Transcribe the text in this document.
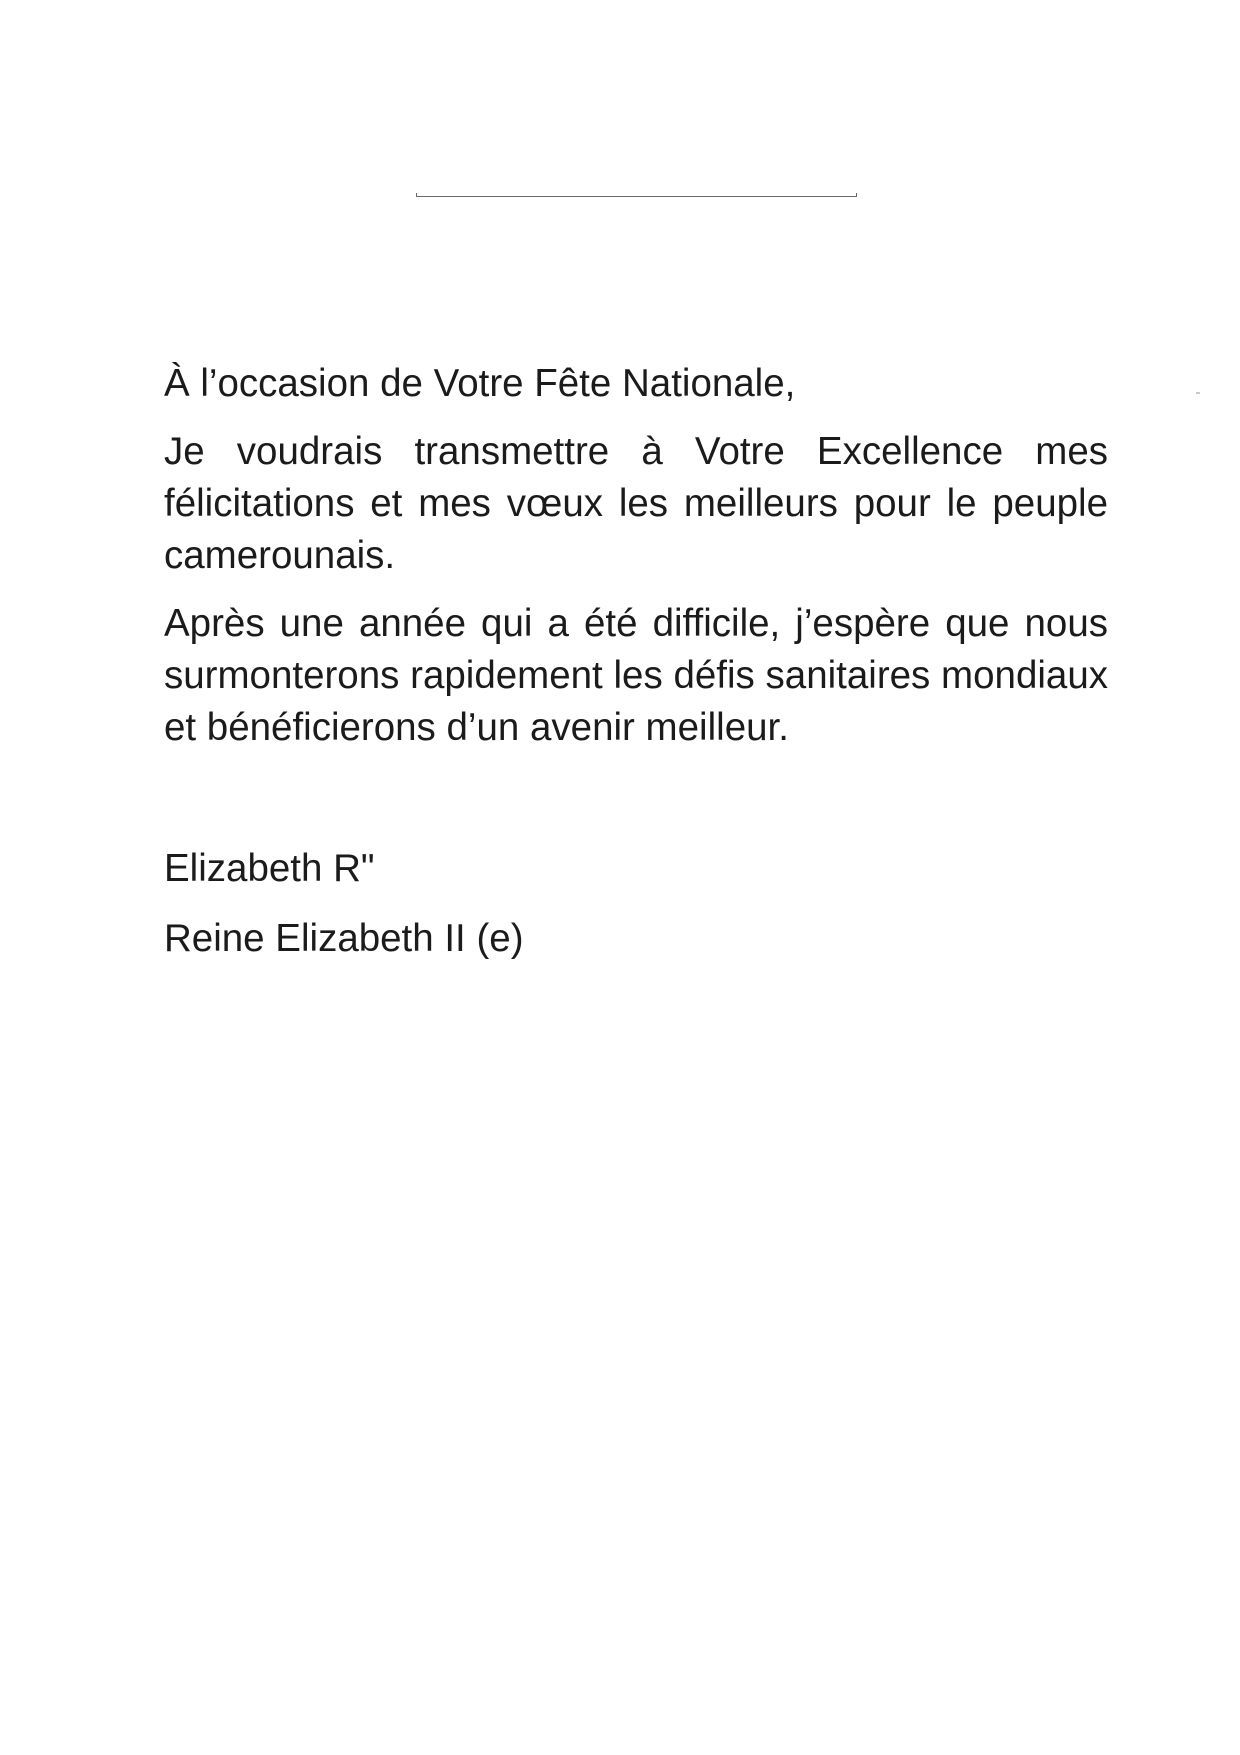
À l’occasion de Votre Fête Nationale,

Je voudrais transmettre à Votre Excellence mes félicitations et mes vœux les meilleurs pour le peuple camerounais.

Après une année qui a été difficile, j’espère que nous surmonterons rapidement les défis sanitaires mondiaux et bénéficierons d’un avenir meilleur.

Elizabeth R"
Reine Elizabeth II (e)
